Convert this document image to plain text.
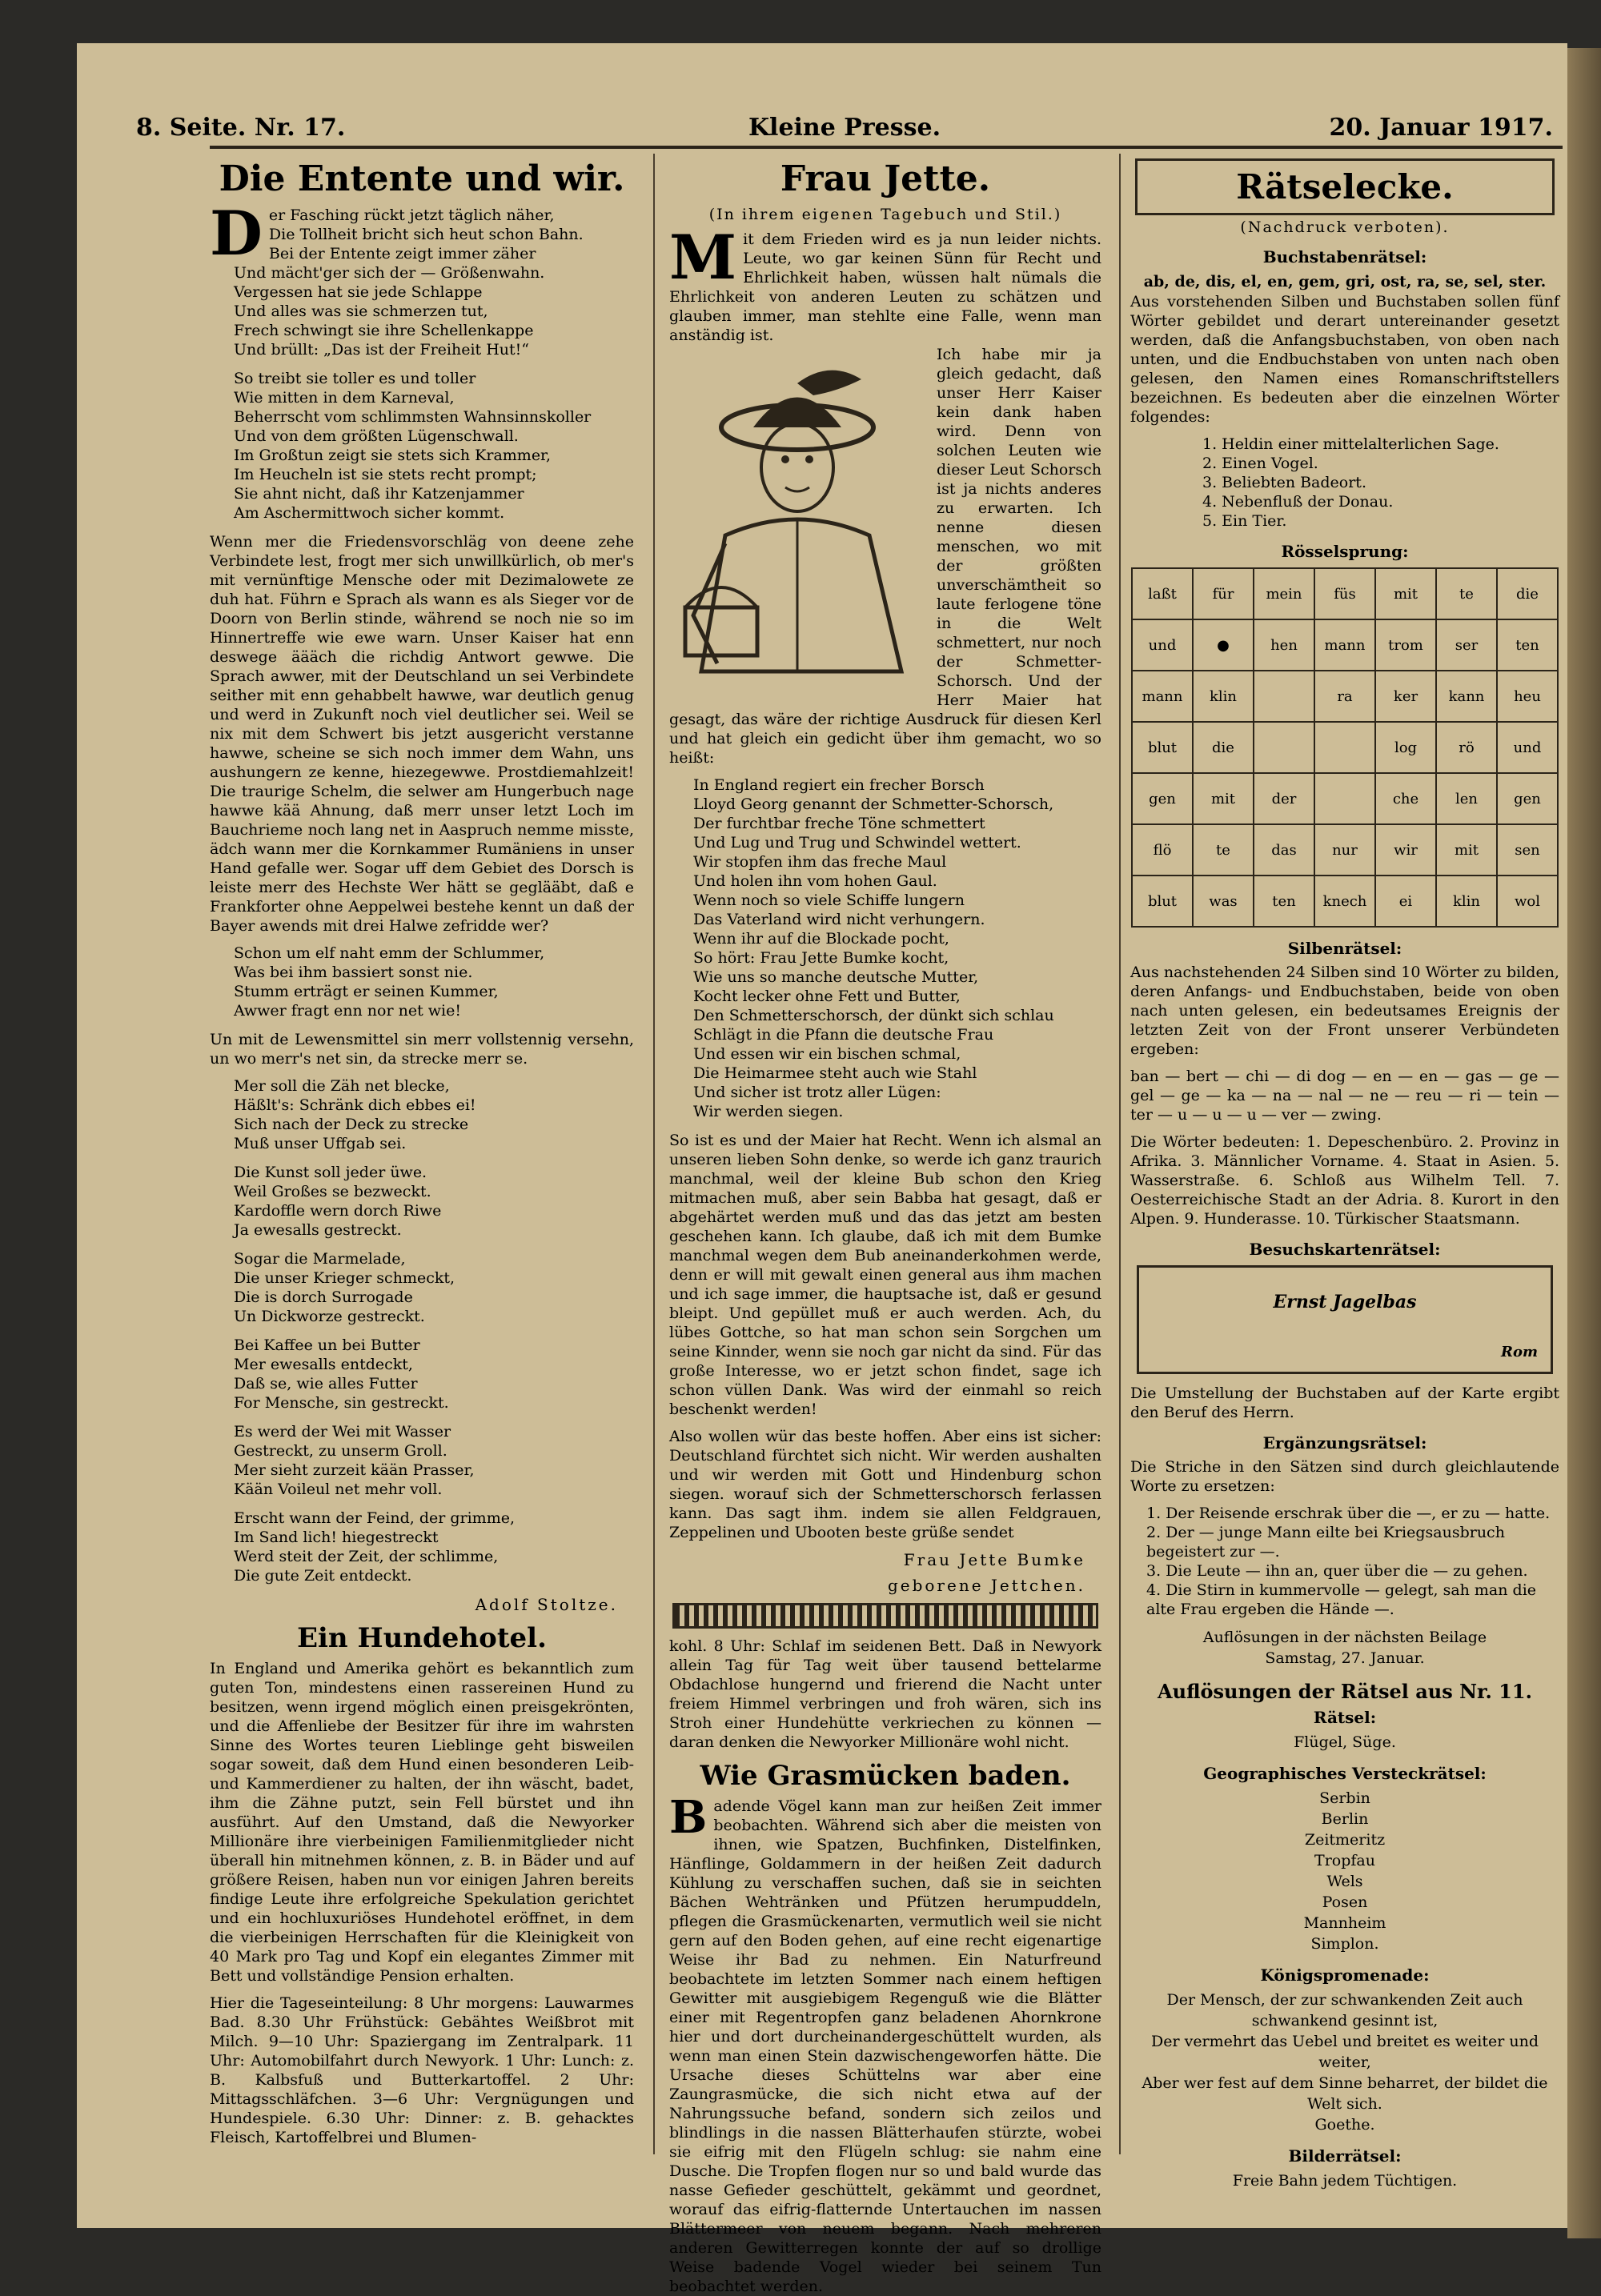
8. Seite. Nr. 17.	Kleine Presse.	20. Januar 1917.
Die Entente und wir.
D er Fasching rückt jetzt täglich näher,
Die Tollheit bricht sich heut schon Bahn.
Bei der Entente zeigt immer zäher
Und mächt'ger sich der — Größenwahn.
Vergessen hat sie jede Schlappe
Und alles was sie schmerzen tut,
Frech schwingt sie ihre Schellenkappe
Und brüllt: „Das ist der Freiheit Hut!“
So treibt sie toller es und toller
Wie mitten in dem Karneval,
Beherrscht vom schlimmsten Wahnsinnskoller
Und von dem größten Lügenschwall.
Im Großtun zeigt sie stets sich Krammer,
Im Heucheln ist sie stets recht prompt;
Sie ahnt nicht, daß ihr Katzenjammer
Am Aschermittwoch sicher kommt.

Wenn mer die Friedensvorschläg von deene zehe Verbindete lest, frogt mer sich unwillkürlich, ob mer's mit vernünftige Mensche oder mit Dezimalowete ze duh hat. Führn e Sprach als wann es als Sieger vor de Doorn von Berlin stinde, während se noch nie so im Hinnertreffe wie ewe warn. Unser Kaiser hat enn deswege äääch die richdig Antwort gewwe. Die Sprach awwer, mit der Deutschland un sei Verbindete seither mit enn gehabbelt hawwe, war deutlich genug und werd in Zukunft noch viel deutlicher sei. Weil se nix mit dem Schwert bis jetzt ausgericht verstanne hawwe, scheine se sich noch immer dem Wahn, uns aushungern ze kenne, hiezegewwe. Prostdiemahlzeit! Die traurige Schelm, die selwer am Hungerbuch nage hawwe kää Ahnung, daß merr unser letzt Loch im Bauchrieme noch lang net in Aaspruch nemme misste, ädch wann mer die Kornkammer Rumäniens in unser Hand gefalle wer. Sogar uff dem Gebiet des Dorsch is leiste merr des Hechste Wer hätt se geglääbt, daß e Frankforter ohne Aeppelwei bestehe kennt un daß der Bayer awends mit drei Halwe zefridde wer?

Schon um elf naht emm der Schlummer,
Was bei ihm bassiert sonst nie.
Stumm erträgt er seinen Kummer,
Awwer fragt enn nor net wie!

Un mit de Lewensmittel sin merr vollstennig versehn, un wo merr's net sin, da strecke merr se.

Mer soll die Zäh net blecke,
Häßlt's: Schränk dich ebbes ei!
Sich nach der Deck zu strecke
Muß unser Uffgab sei.
Die Kunst soll jeder üwe.
Weil Großes se bezweckt.
Kardoffle wern dorch Riwe
Ja ewesalls gestreckt.
Sogar die Marmelade,
Die unser Krieger schmeckt,
Die is dorch Surrogade
Un Dickworze gestreckt.
Bei Kaffee un bei Butter
Mer ewesalls entdeckt,
Daß se, wie alles Futter
For Mensche, sin gestreckt.
Es werd der Wei mit Wasser
Gestreckt, zu unserm Groll.
Mer sieht zurzeit kään Prasser,
Kään Voileul net mehr voll.
Erscht wann der Feind, der grimme,
Im Sand lich! hiegestreckt
Werd steit der Zeit, der schlimme,
Die gute Zeit entdeckt.
Adolf Stoltze.
Ein Hundehotel.

In England und Amerika gehört es bekanntlich zum guten Ton, mindestens einen rassereinen Hund zu besitzen, wenn irgend möglich einen preisgekrönten, und die Affenliebe der Besitzer für ihre im wahrsten Sinne des Wortes teuren Lieblinge geht bisweilen sogar soweit, daß dem Hund einen besonderen Leib- und Kammerdiener zu halten, der ihn wäscht, badet, ihm die Zähne putzt, sein Fell bürstet und ihn ausführt. Auf den Umstand, daß die Newyorker Millionäre ihre vierbeinigen Familienmitglieder nicht überall hin mitnehmen können, z. B. in Bäder und auf größere Reisen, haben nun vor einigen Jahren bereits findige Leute ihre erfolgreiche Spekulation gerichtet und ein hochluxuriöses Hundehotel eröffnet, in dem die vierbeinigen Herrschaften für die Kleinigkeit von 40 Mark pro Tag und Kopf ein elegantes Zimmer mit Bett und vollständige Pension erhalten.

Hier die Tageseinteilung: 8 Uhr morgens: Lauwarmes Bad. 8.30 Uhr Frühstück: Gebähtes Weißbrot mit Milch. 9—10 Uhr: Spaziergang im Zentralpark. 11 Uhr: Automobilfahrt durch Newyork. 1 Uhr: Lunch: z. B. Kalbsfuß und Butterkartoffel. 2 Uhr: Mittagsschläfchen. 3—6 Uhr: Vergnügungen und Hundespiele. 6.30 Uhr: Dinner: z. B. gehacktes Fleisch, Kartoffelbrei und Blumen-

Frau Jette.
(In ihrem eigenen Tagebuch und Stil.)
M it dem Frieden wird es ja nun leider nichts. Leute, wo gar keinen Sünn für Recht und Ehrlichkeit haben, wüssen halt nümals die Ehrlichkeit von anderen Leuten zu schätzen und glauben immer, man stehlte eine Falle, wenn man anständig ist.

Ich habe mir ja gleich gedacht, daß unser Herr Kaiser kein dank haben wird. Denn von solchen Leuten wie dieser Leut Schorsch ist ja nichts anderes zu erwarten. Ich nenne diesen menschen, wo mit der größten unverschämtheit so laute ferlogene töne in die Welt schmettert, nur noch der Schmetter-Schorsch. Und der Herr Maier hat gesagt, das wäre der richtige Ausdruck für diesen Kerl und hat gleich ein gedicht über ihm gemacht, wo so heißt:

In England regiert ein frecher Borsch
Lloyd Georg genannt der Schmetter-Schorsch,
Der furchtbar freche Töne schmettert
Und Lug und Trug und Schwindel wettert.
Wir stopfen ihm das freche Maul
Und holen ihn vom hohen Gaul.
Wenn noch so viele Schiffe lungern
Das Vaterland wird nicht verhungern.
Wenn ihr auf die Blockade pocht,
So hört: Frau Jette Bumke kocht,
Wie uns so manche deutsche Mutter,
Kocht lecker ohne Fett und Butter,
Den Schmetterschorsch, der dünkt sich schlau
Schlägt in die Pfann die deutsche Frau
Und essen wir ein bischen schmal,
Die Heimarmee steht auch wie Stahl
Und sicher ist trotz aller Lügen:
Wir werden siegen.

So ist es und der Maier hat Recht. Wenn ich alsmal an unseren lieben Sohn denke, so werde ich ganz traurich manchmal, weil der kleine Bub schon den Krieg mitmachen muß, aber sein Babba hat gesagt, daß er abgehärtet werden muß und das das jetzt am besten geschehen kann. Ich glaube, daß ich mit dem Bumke manchmal wegen dem Bub aneinanderkohmen werde, denn er will mit gewalt einen general aus ihm machen und ich sage immer, die hauptsache ist, daß er gesund bleipt. Und gepüllet muß er auch werden. Ach, du lübes Gottche, so hat man schon sein Sorgchen um seine Kinnder, wenn sie noch gar nicht da sind. Für das große Interesse, wo er jetzt schon findet, sage ich schon vüllen Dank. Was wird der einmahl so reich beschenkt werden!

Also wollen wür das beste hoffen. Aber eins ist sicher: Deutschland fürchtet sich nicht. Wir werden aushalten und wir werden mit Gott und Hindenburg schon siegen. worauf sich der Schmetterschorsch ferlassen kann. Das sagt ihm. indem sie allen Feldgrauen, Zeppelinen und Ubooten beste grüße sendet

Frau Jette Bumke
geborene Jettchen.

kohl. 8 Uhr: Schlaf im seidenen Bett. Daß in Newyork allein Tag für Tag weit über tausend bettelarme Obdachlose hungernd und frierend die Nacht unter freiem Himmel verbringen und froh wären, sich ins Stroh einer Hundehütte verkriechen zu können — daran denken die Newyorker Millionäre wohl nicht.

Wie Grasmücken baden.
B adende Vögel kann man zur heißen Zeit immer beobachten. Während sich aber die meisten von ihnen, wie Spatzen, Buchfinken, Distelfinken, Hänflinge, Goldammern in der heißen Zeit dadurch Kühlung zu verschaffen suchen, daß sie in seichten Bächen Wehtränken und Pfützen herumpuddeln, pflegen die Grasmückenarten, vermutlich weil sie nicht gern auf den Boden gehen, auf eine recht eigenartige Weise ihr Bad zu nehmen. Ein Naturfreund beobachtete im letzten Sommer nach einem heftigen Gewitter mit ausgiebigem Regenguß wie die Blätter einer mit Regentropfen ganz beladenen Ahornkrone hier und dort durcheinandergeschüttelt wurden, als wenn man einen Stein dazwischengeworfen hätte. Die Ursache dieses Schüttelns war aber eine Zaungrasmücke, die sich nicht etwa auf der Nahrungssuche befand, sondern sich zeilos und blindlings in die nassen Blätterhaufen stürzte, wobei sie eifrig mit den Flügeln schlug: sie nahm eine Dusche. Die Tropfen flogen nur so und bald wurde das nasse Gefieder geschüttelt, gekämmt und geordnet, worauf das eifrig-flatternde Untertauchen im nassen Blättermeer von neuem begann. Nach mehreren anderen Gewitterregen konnte der auf so drollige Weise badende Vogel wieder bei seinem Tun beobachtet werden.

Rätselecke.
(Nachdruck verboten).
Buchstabenrätsel:
ab, de, dis, el, en, gem, gri, ost, ra, se, sel, ster.

Aus vorstehenden Silben und Buchstaben sollen fünf Wörter gebildet und derart untereinander gesetzt werden, daß die Anfangsbuchstaben, von oben nach unten, und die Endbuchstaben von unten nach oben gelesen, den Namen eines Romanschriftstellers bezeichnen. Es bedeuten aber die einzelnen Wörter folgendes:

1. Heldin einer mittelalterlichen Sage.
2. Einen Vogel.
3. Beliebten Badeort.
4. Nebenfluß der Donau.
5. Ein Tier.
Rösselsprung:
laßt	für	mein	füs	mit	te	die
und	●	hen	mann	trom	ser	ten
mann	klin		ra	ker	kann	heu
blut	die			log	rö	und
gen	mit	der		che	len	gen
flö	te	das	nur	wir	mit	sen
blut	was	ten	knech	ei	klin	wol
Silbenrätsel:

Aus nachstehenden 24 Silben sind 10 Wörter zu bilden, deren Anfangs- und Endbuchstaben, beide von oben nach unten gelesen, ein bedeutsames Ereignis der letzten Zeit von der Front unserer Verbündeten ergeben:

ban — bert — chi — di dog — en — en — gas — ge — gel — ge — ka — na — nal — ne — reu — ri — tein — ter — u — u — u — ver — zwing.

Die Wörter bedeuten: 1. Depeschenbüro. 2. Provinz in Afrika. 3. Männlicher Vorname. 4. Staat in Asien. 5. Wasserstraße. 6. Schloß aus Wilhelm Tell. 7. Oesterreichische Stadt an der Adria. 8. Kurort in den Alpen. 9. Hunderasse. 10. Türkischer Staatsmann.

Besuchskartenrätsel:
Ernst Jagelbas
Rom

Die Umstellung der Buchstaben auf der Karte ergibt den Beruf des Herrn.

Ergänzungsrätsel:

Die Striche in den Sätzen sind durch gleichlautende Worte zu ersetzen:

1. Der Reisende erschrak über die —, er zu — hatte.
2. Der — junge Mann eilte bei Kriegsausbruch begeistert zur —.
3. Die Leute — ihn an, quer über die — zu gehen.
4. Die Stirn in kummervolle — gelegt, sah man die alte Frau ergeben die Hände —.
Auflösungen in der nächsten Beilage
Samstag, 27. Januar.
Auflösungen der Rätsel aus Nr. 11.
Rätsel:
Flügel, Süge.
Geographisches Versteckrätsel:
Serbin
Berlin
Zeitmeritz
Tropfau
Wels
Posen
Mannheim
Simplon.
Königspromenade:
Der Mensch, der zur schwankenden Zeit auch schwankend gesinnt ist,
Der vermehrt das Uebel und breitet es weiter und weiter,
Aber wer fest auf dem Sinne beharret, der bildet die Welt sich.
Goethe.
Bilderrätsel:
Freie Bahn jedem Tüchtigen.
